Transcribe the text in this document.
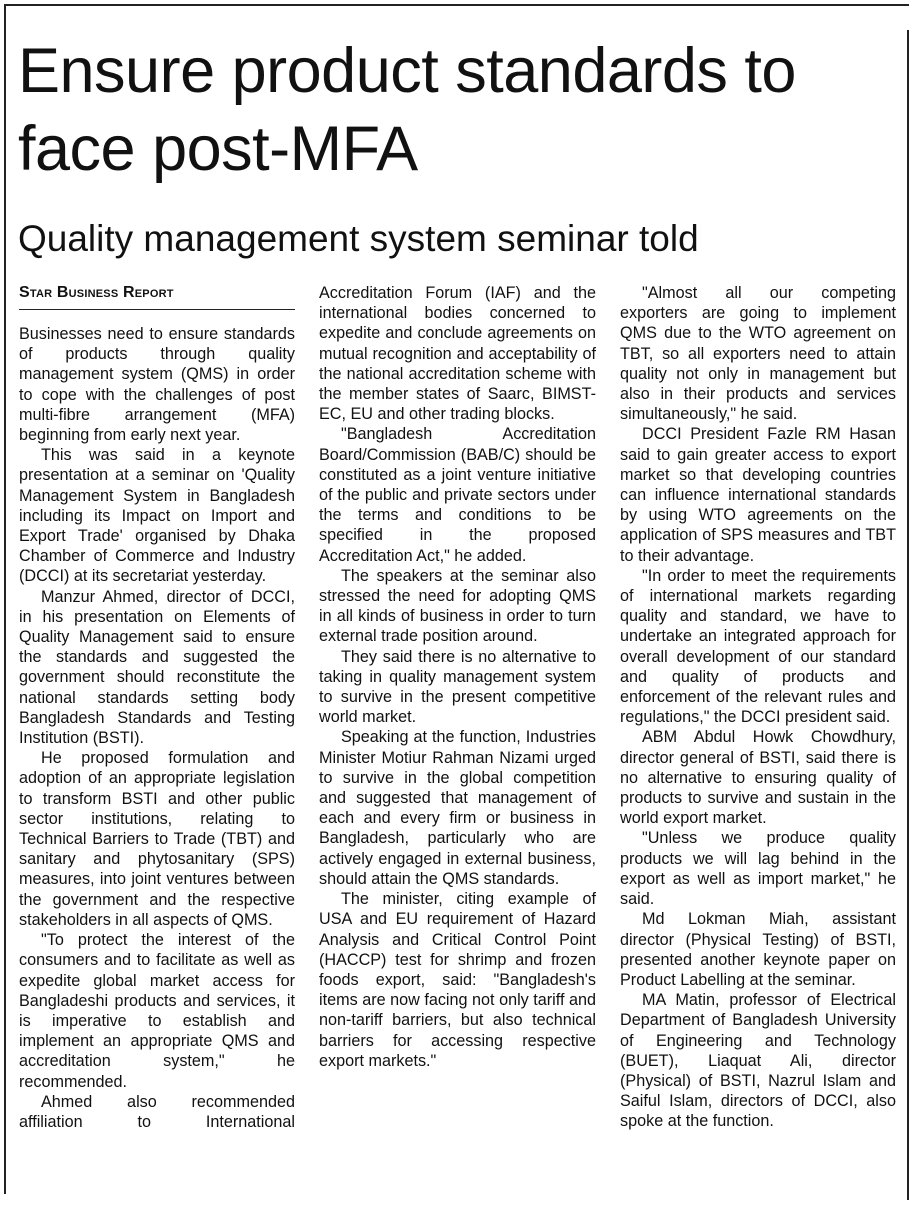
Ensure product standards to face post-MFA
Quality management system seminar told
Star Business Report

Businesses need to ensure standards of products through quality management system (QMS) in order to cope with the challenges of post multi-fibre arrangement (MFA) beginning from early next year.

This was said in a keynote presentation at a seminar on 'Quality Management System in Bangladesh including its Impact on Import and Export Trade' organised by Dhaka Chamber of Commerce and Industry (DCCI) at its secretariat yesterday.

Manzur Ahmed, director of DCCI, in his presentation on Elements of Quality Management said to ensure the standards and suggested the government should reconstitute the national standards setting body Bangladesh Standards and Testing Institution (BSTI).

He proposed formulation and adoption of an appropriate legislation to transform BSTI and other public sector institutions, relating to Technical Barriers to Trade (TBT) and sanitary and phytosanitary (SPS) measures, into joint ventures between the government and the respective stakeholders in all aspects of QMS.

"To protect the interest of the consumers and to facilitate as well as expedite global market access for Bangladeshi products and services, it is imperative to establish and implement an appropriate QMS and accreditation system," he recommended.

Ahmed also recommended affiliation to International

Accreditation Forum (IAF) and the international bodies concerned to expedite and conclude agreements on mutual recognition and acceptability of the national accreditation scheme with the member states of Saarc, BIMST-EC, EU and other trading blocks.

"Bangladesh Accreditation Board/Commission (BAB/C) should be constituted as a joint venture initiative of the public and private sectors under the terms and conditions to be specified in the proposed Accreditation Act," he added.

The speakers at the seminar also stressed the need for adopting QMS in all kinds of business in order to turn external trade position around.

They said there is no alternative to taking in quality management system to survive in the present competitive world market.

Speaking at the function, Industries Minister Motiur Rahman Nizami urged to survive in the global competition and suggested that management of each and every firm or business in Bangladesh, particularly who are actively engaged in external business, should attain the QMS standards.

The minister, citing example of USA and EU requirement of Hazard Analysis and Critical Control Point (HACCP) test for shrimp and frozen foods export, said: "Bangladesh's items are now facing not only tariff and non-tariff barriers, but also technical barriers for accessing respective export markets."

"Almost all our competing exporters are going to implement QMS due to the WTO agreement on TBT, so all exporters need to attain quality not only in management but also in their products and services simultaneously," he said.

DCCI President Fazle RM Hasan said to gain greater access to export market so that developing countries can influence international standards by using WTO agreements on the application of SPS measures and TBT to their advantage.

"In order to meet the requirements of international markets regarding quality and standard, we have to undertake an integrated approach for overall development of our standard and quality of products and enforcement of the relevant rules and regulations," the DCCI president said.

ABM Abdul Howk Chowdhury, director general of BSTI, said there is no alternative to ensuring quality of products to survive and sustain in the world export market.

"Unless we produce quality products we will lag behind in the export as well as import market," he said.

Md Lokman Miah, assistant director (Physical Testing) of BSTI, presented another keynote paper on Product Labelling at the seminar.

MA Matin, professor of Electrical Department of Bangladesh University of Engineering and Technology (BUET), Liaquat Ali, director (Physical) of BSTI, Nazrul Islam and Saiful Islam, directors of DCCI, also spoke at the function.
